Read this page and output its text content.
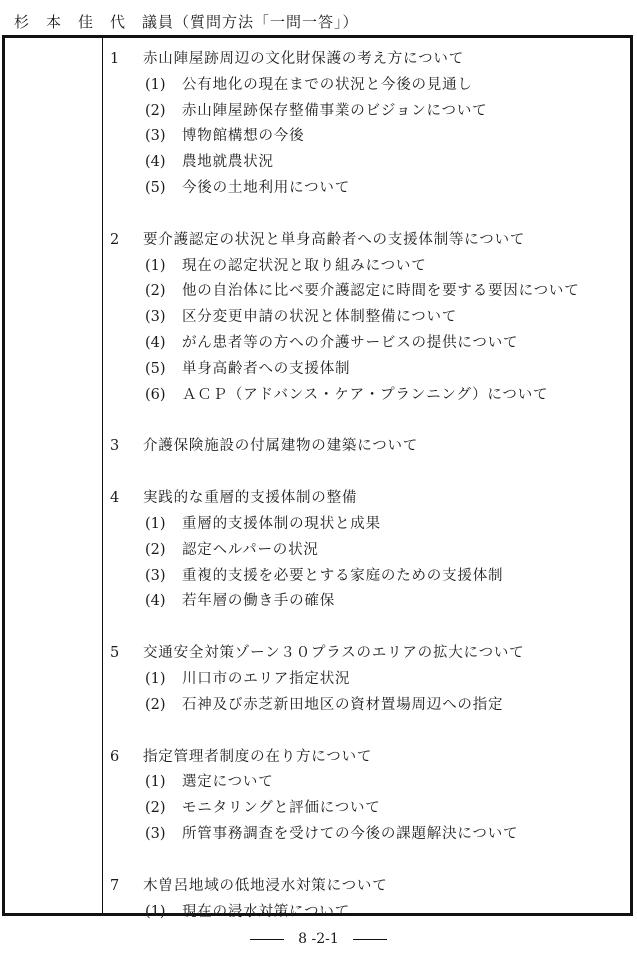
杉本佳代議員（質問方法「一問一答」）
1 赤山陣屋跡周辺の文化財保護の考え方について
(1) 公有地化の現在までの状況と今後の見通し
(2) 赤山陣屋跡保存整備事業のビジョンについて
(3) 博物館構想の今後
(4) 農地就農状況
(5) 今後の土地利用について
2 要介護認定の状況と単身高齢者への支援体制等について
(1) 現在の認定状況と取り組みについて
(2) 他の自治体に比べ要介護認定に時間を要する要因について
(3) 区分変更申請の状況と体制整備について
(4) がん患者等の方への介護サービスの提供について
(5) 単身高齢者への支援体制
(6) ＡＣＰ（アドバンス・ケア・プランニング）について
3 介護保険施設の付属建物の建築について
4 実践的な重層的支援体制の整備
(1) 重層的支援体制の現状と成果
(2) 認定ヘルパーの状況
(3) 重複的支援を必要とする家庭のための支援体制
(4) 若年層の働き手の確保
5 交通安全対策ゾーン３０プラスのエリアの拡大について
(1) 川口市のエリア指定状況
(2) 石神及び赤芝新田地区の資材置場周辺への指定
6 指定管理者制度の在り方について
(1) 選定について
(2) モニタリングと評価について
(3) 所管事務調査を受けての今後の課題解決について
7 木曽呂地域の低地浸水対策について
(1) 現在の浸水対策について
8 -2-1
